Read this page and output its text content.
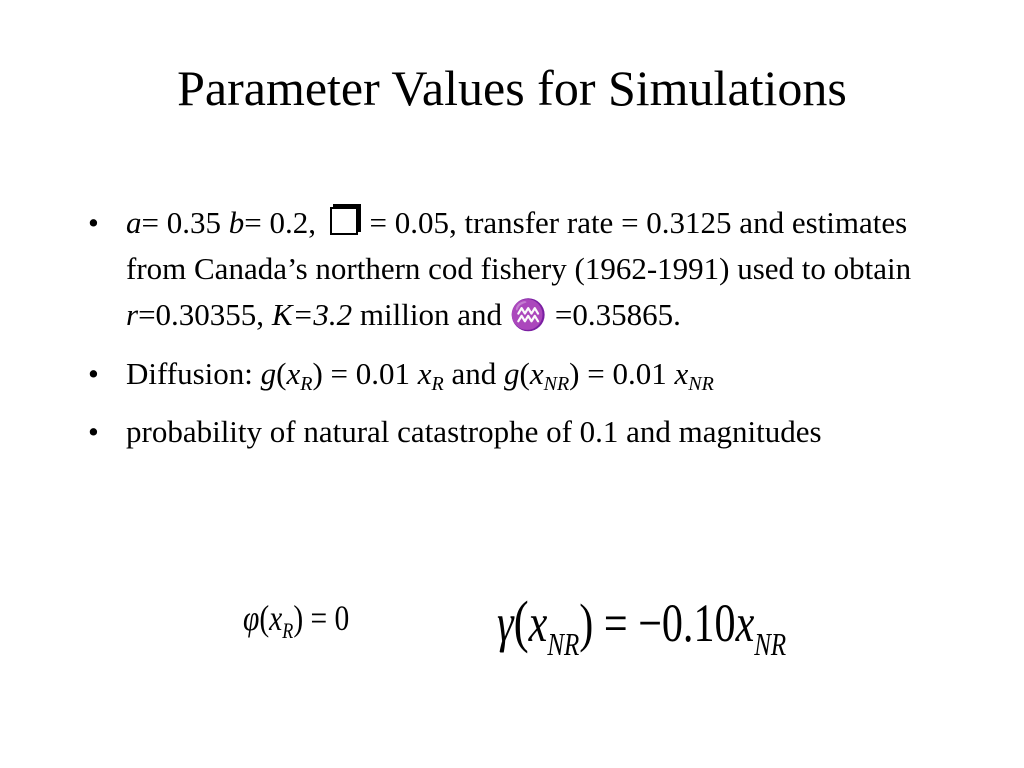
Parameter Values for Simulations
• a= 0.35 b= 0.2,  = 0.05, transfer rate = 0.3125 and estimates from Canada’s northern cod fishery (1962-1991) used to obtain r=0.30355, K=3.2 million and ♒ =0.35865.
• Diffusion: $g(x_R) = 0.01$ $x_R$ and $g(x_{NR}) = 0.01$ $x_{NR}$
• probability of natural catastrophe of 0.1 and magnitudes
$\varphi(x_R) = 0$	$\gamma(x_{NR}) = -0.10x_{NR}$
